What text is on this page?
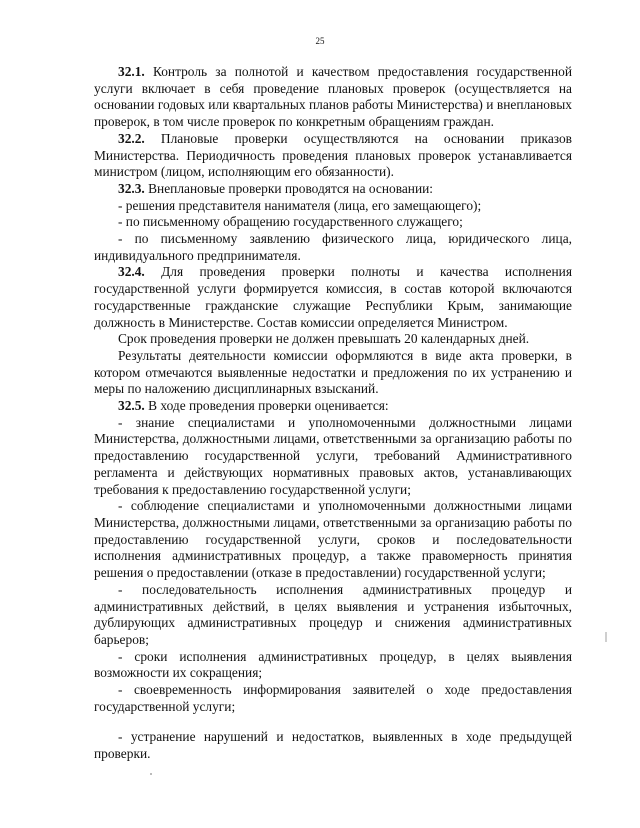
25

32.1. Контроль за полнотой и качеством предоставления государственной услуги включает в себя проведение плановых проверок (осуществляется на основании годовых или квартальных планов работы Министерства) и внеплановых проверок, в том числе проверок по конкретным обращениям граждан.

32.2. Плановые проверки осуществляются на основании приказов Министерства. Периодичность проведения плановых проверок устанавливается министром (лицом, исполняющим его обязанности).

32.3. Внеплановые проверки проводятся на основании:

- решения представителя нанимателя (лица, его замещающего);

- по письменному обращению государственного служащего;

- по письменному заявлению физического лица, юридического лица, индивидуального предпринимателя.

32.4. Для проведения проверки полноты и качества исполнения государственной услуги формируется комиссия, в состав которой включаются государственные гражданские служащие Республики Крым, занимающие должность в Министерстве. Состав комиссии определяется Министром.

Срок проведения проверки не должен превышать 20 календарных дней.

Результаты деятельности комиссии оформляются в виде акта проверки, в котором отмечаются выявленные недостатки и предложения по их устранению и меры по наложению дисциплинарных взысканий.

32.5. В ходе проведения проверки оценивается:

- знание специалистами и уполномоченными должностными лицами Министерства, должностными лицами, ответственными за организацию работы по предоставлению государственной услуги, требований Административного регламента и действующих нормативных правовых актов, устанавливающих требования к предоставлению государственной услуги;

- соблюдение специалистами и уполномоченными должностными лицами Министерства, должностными лицами, ответственными за организацию работы по предоставлению государственной услуги, сроков и последовательности исполнения административных процедур, а также правомерность принятия решения о предоставлении (отказе в предоставлении) государственной услуги;

- последовательность исполнения административных процедур и административных действий, в целях выявления и устранения избыточных, дублирующих административных процедур и снижения административных барьеров;

- сроки исполнения административных процедур, в целях выявления возможности их сокращения;

- своевременность информирования заявителей о ходе предоставления государственной услуги;

- устранение нарушений и недостатков, выявленных в ходе предыдущей проверки.
